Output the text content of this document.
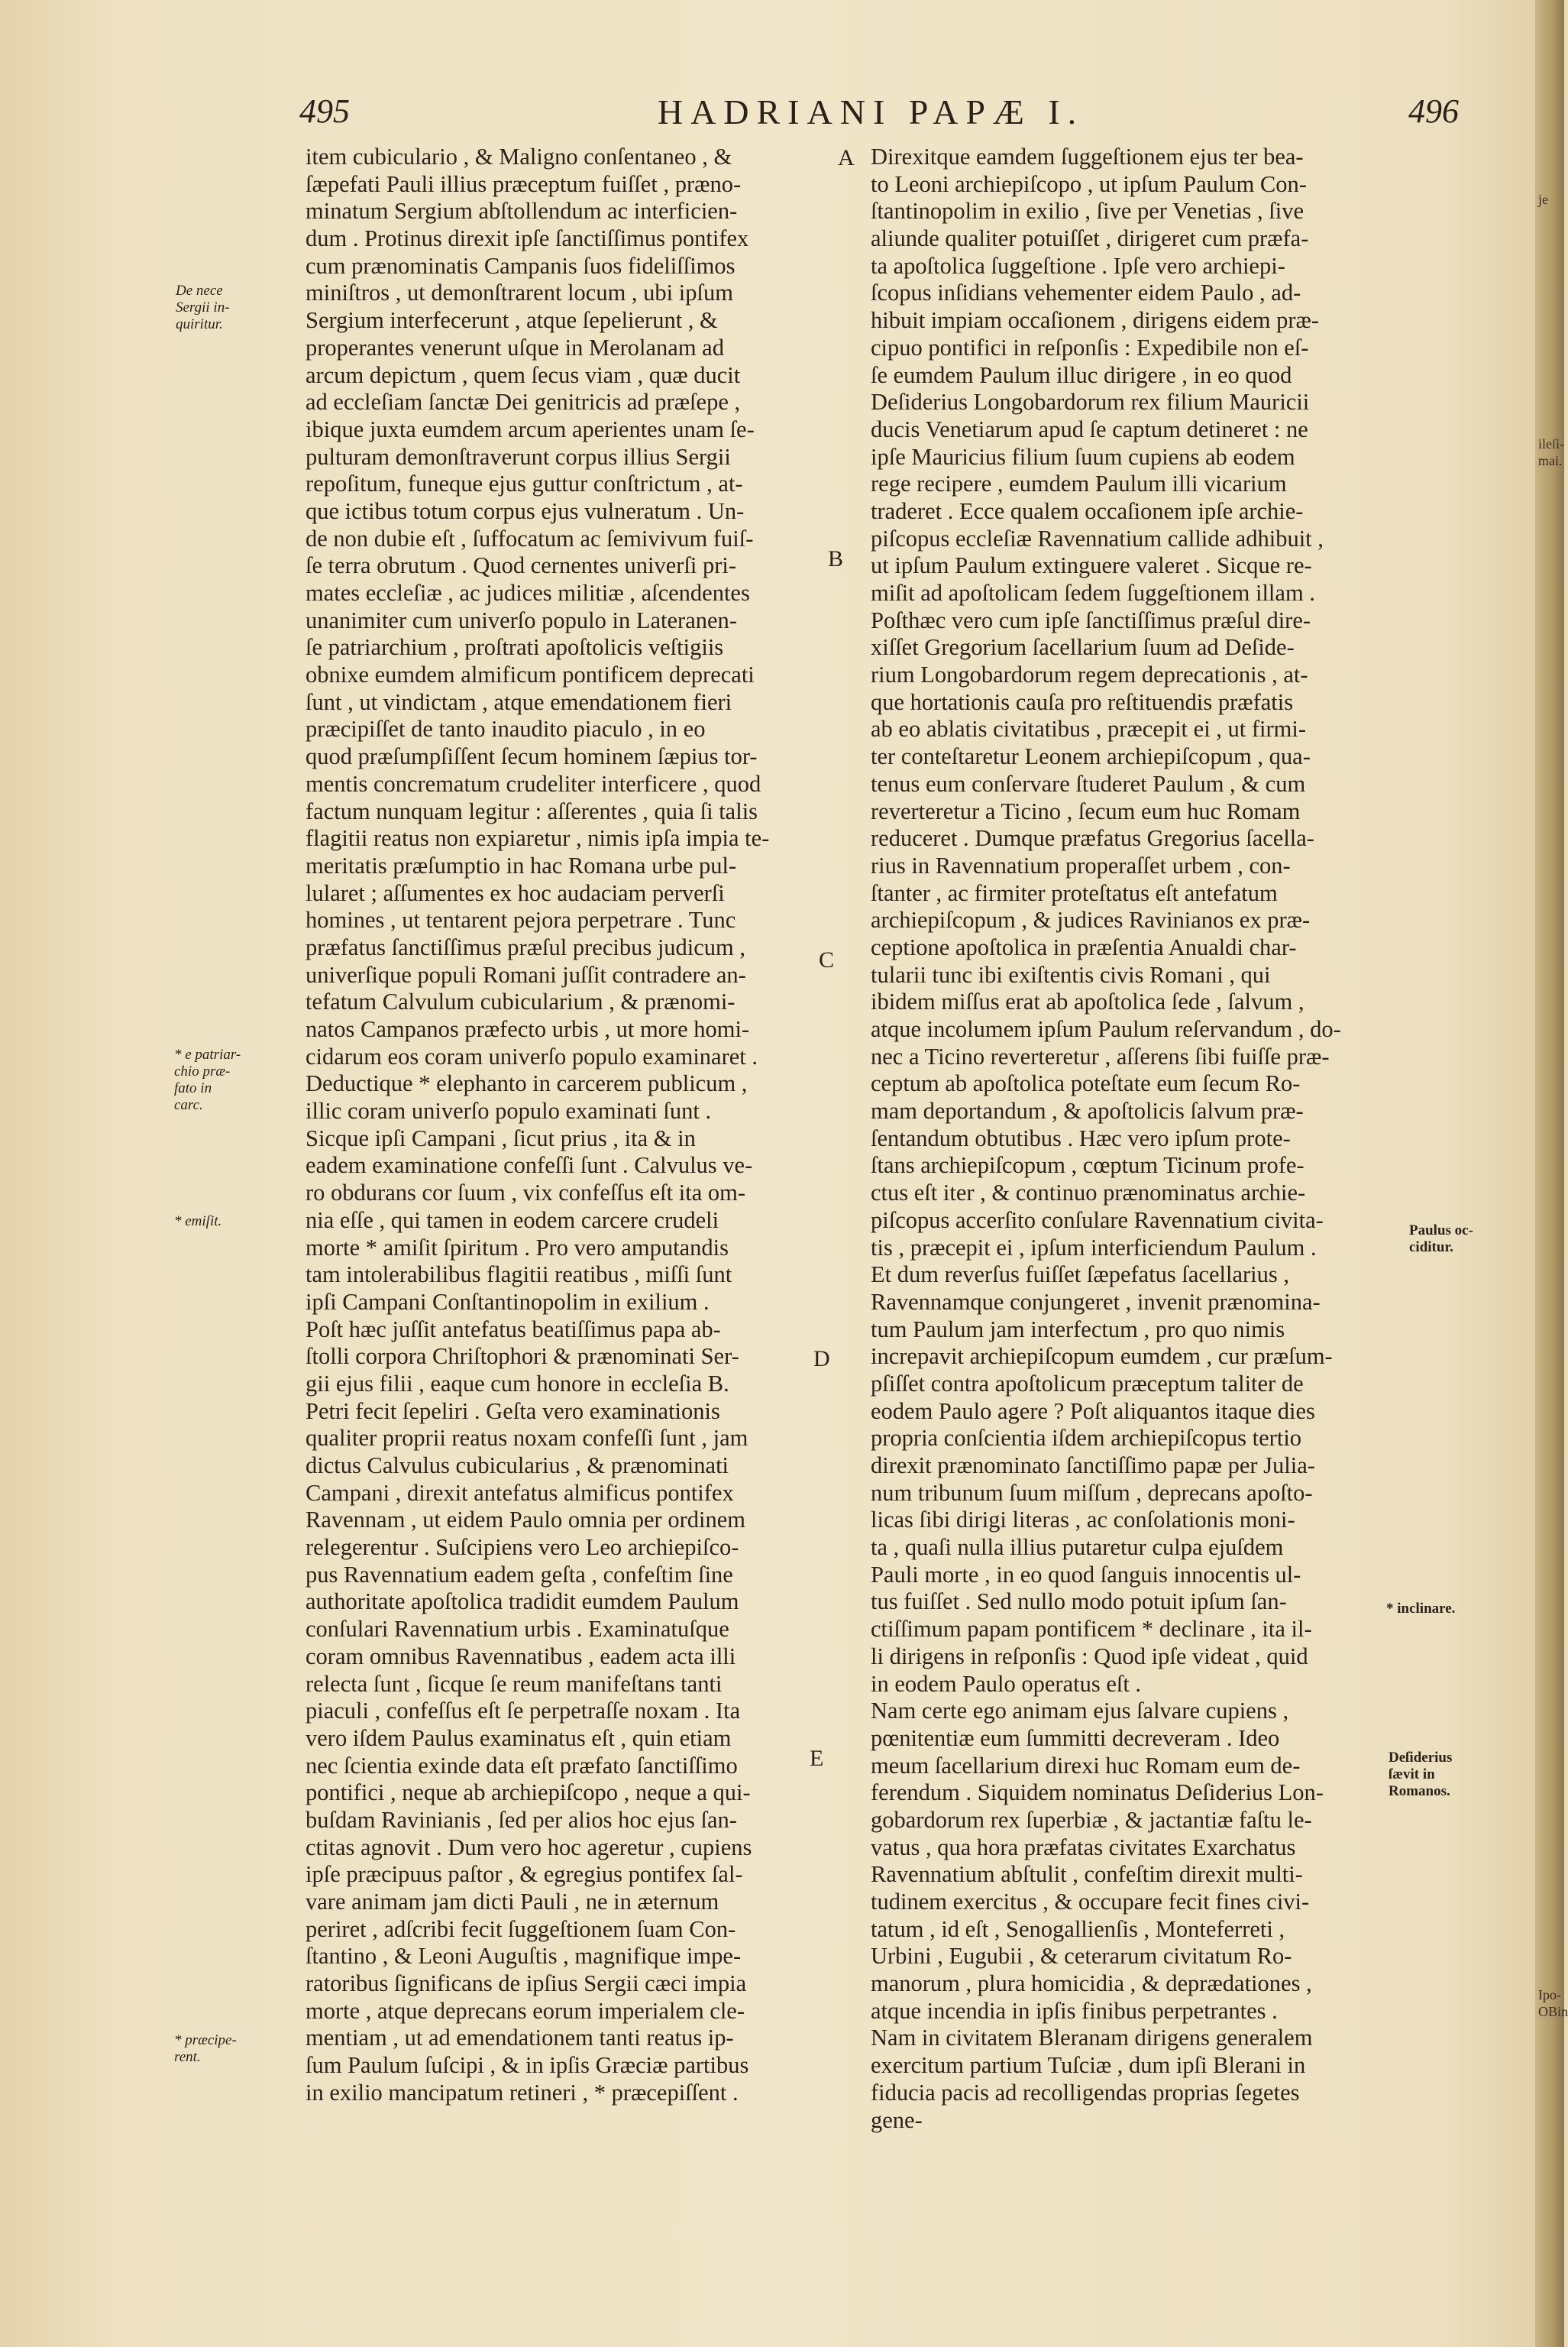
je
ileſi-
mai.
Ipo-
OBin
495	HADRIANI PAPÆ I.	496
item cubiculario , & Maligno conſentaneo , &
ſæpefati Pauli illius præceptum fuiſſet , præno-
minatum Sergium abſtollendum ac interficien-
dum . Protinus direxit ipſe ſanctiſſimus pontifex
cum prænominatis Campanis ſuos fideliſſimos
miniſtros , ut demonſtrarent locum , ubi ipſum
Sergium interfecerunt , atque ſepelierunt , &
properantes venerunt uſque in Merolanam ad
arcum depictum , quem ſecus viam , quæ ducit
ad eccleſiam ſanctæ Dei genitricis ad præſepe ,
ibique juxta eumdem arcum aperientes unam ſe-
pulturam demonſtraverunt corpus illius Sergii
repoſitum, funeque ejus guttur conſtrictum , at-
que ictibus totum corpus ejus vulneratum . Un-
de non dubie eſt , ſuffocatum ac ſemivivum fuiſ-
ſe terra obrutum . Quod cernentes univerſi pri-
mates eccleſiæ , ac judices militiæ , aſcendentes
unanimiter cum univerſo populo in Lateranen-
ſe patriarchium , proſtrati apoſtolicis veſtigiis
obnixe eumdem almificum pontificem deprecati
ſunt , ut vindictam , atque emendationem fieri
præcipiſſet de tanto inaudito piaculo , in eo
quod præſumpſiſſent ſecum hominem ſæpius tor-
mentis concrematum crudeliter interficere , quod
factum nunquam legitur : aſſerentes , quia ſi talis
flagitii reatus non expiaretur , nimis ipſa impia te-
meritatis præſumptio in hac Romana urbe pul-
lularet ; aſſumentes ex hoc audaciam perverſi
homines , ut tentarent pejora perpetrare . Tunc
præfatus ſanctiſſimus præſul precibus judicum ,
univerſique populi Romani juſſit contradere an-
tefatum Calvulum cubicularium , & prænomi-
natos Campanos præfecto urbis , ut more homi-
cidarum eos coram univerſo populo examinaret .
Deductique * elephanto in carcerem publicum ,
illic coram univerſo populo examinati ſunt .
Sicque ipſi Campani , ſicut prius , ita & in
eadem examinatione confeſſi ſunt . Calvulus ve-
ro obdurans cor ſuum , vix confeſſus eſt ita om-
nia eſſe , qui tamen in eodem carcere crudeli
morte * amiſit ſpiritum . Pro vero amputandis
tam intolerabilibus flagitii reatibus , miſſi ſunt
ipſi Campani Conſtantinopolim in exilium .
Poſt hæc juſſit antefatus beatiſſimus papa ab-
ſtolli corpora Chriſtophori & prænominati Ser-
gii ejus filii , eaque cum honore in eccleſia B.
Petri fecit ſepeliri . Geſta vero examinationis
qualiter proprii reatus noxam confeſſi ſunt , jam
dictus Calvulus cubicularius , & prænominati
Campani , direxit antefatus almificus pontifex
Ravennam , ut eidem Paulo omnia per ordinem
relegerentur . Suſcipiens vero Leo archiepiſco-
pus Ravennatium eadem geſta , confeſtim ſine
authoritate apoſtolica tradidit eumdem Paulum
conſulari Ravennatium urbis . Examinatuſque
coram omnibus Ravennatibus , eadem acta illi
relecta ſunt , ſicque ſe reum manifeſtans tanti
piaculi , confeſſus eſt ſe perpetraſſe noxam . Ita
vero iſdem Paulus examinatus eſt , quin etiam
nec ſcientia exinde data eſt præfato ſanctiſſimo
pontifici , neque ab archiepiſcopo , neque a qui-
buſdam Ravinianis , ſed per alios hoc ejus ſan-
ctitas agnovit . Dum vero hoc ageretur , cupiens
ipſe præcipuus paſtor , & egregius pontifex ſal-
vare animam jam dicti Pauli , ne in æternum
periret , adſcribi fecit ſuggeſtionem ſuam Con-
ſtantino , & Leoni Auguſtis , magnifique impe-
ratoribus ſignificans de ipſius Sergii cæci impia
morte , atque deprecans eorum imperialem cle-
mentiam , ut ad emendationem tanti reatus ip-
ſum Paulum ſuſcipi , & in ipſis Græciæ partibus
in exilio mancipatum retineri , * præcepiſſent .
Direxitque eamdem ſuggeſtionem ejus ter bea-
to Leoni archiepiſcopo , ut ipſum Paulum Con-
ſtantinopolim in exilio , ſive per Venetias , ſive
aliunde qualiter potuiſſet , dirigeret cum præfa-
ta apoſtolica ſuggeſtione . Ipſe vero archiepi-
ſcopus inſidians vehementer eidem Paulo , ad-
hibuit impiam occaſionem , dirigens eidem præ-
cipuo pontifici in reſponſis : Expedibile non eſ-
ſe eumdem Paulum illuc dirigere , in eo quod
Deſiderius Longobardorum rex filium Mauricii
ducis Venetiarum apud ſe captum detineret : ne
ipſe Mauricius filium ſuum cupiens ab eodem
rege recipere , eumdem Paulum illi vicarium
traderet . Ecce qualem occaſionem ipſe archie-
piſcopus eccleſiæ Ravennatium callide adhibuit ,
ut ipſum Paulum extinguere valeret . Sicque re-
miſit ad apoſtolicam ſedem ſuggeſtionem illam .
Poſthæc vero cum ipſe ſanctiſſimus præſul dire-
xiſſet Gregorium ſacellarium ſuum ad Deſide-
rium Longobardorum regem deprecationis , at-
que hortationis cauſa pro reſtituendis præfatis
ab eo ablatis civitatibus , præcepit ei , ut firmi-
ter conteſtaretur Leonem archiepiſcopum , qua-
tenus eum conſervare ſtuderet Paulum , & cum
reverteretur a Ticino , ſecum eum huc Romam
reduceret . Dumque præfatus Gregorius ſacella-
rius in Ravennatium properaſſet urbem , con-
ſtanter , ac firmiter proteſtatus eſt antefatum
archiepiſcopum , & judices Ravinianos ex præ-
ceptione apoſtolica in præſentia Anualdi char-
tularii tunc ibi exiſtentis civis Romani , qui
ibidem miſſus erat ab apoſtolica ſede , ſalvum ,
atque incolumem ipſum Paulum reſervandum , do-
nec a Ticino reverteretur , aſſerens ſibi fuiſſe præ-
ceptum ab apoſtolica poteſtate eum ſecum Ro-
mam deportandum , & apoſtolicis ſalvum præ-
ſentandum obtutibus . Hæc vero ipſum prote-
ſtans archiepiſcopum , cœptum Ticinum profe-
ctus eſt iter , & continuo prænominatus archie-
piſcopus accerſito conſulare Ravennatium civita-
tis , præcepit ei , ipſum interficiendum Paulum .
Et dum reverſus fuiſſet ſæpefatus ſacellarius ,
Ravennamque conjungeret , invenit prænomina-
tum Paulum jam interfectum , pro quo nimis
increpavit archiepiſcopum eumdem , cur præſum-
pſiſſet contra apoſtolicum præceptum taliter de
eodem Paulo agere ? Poſt aliquantos itaque dies
propria conſcientia iſdem archiepiſcopus tertio
direxit prænominato ſanctiſſimo papæ per Julia-
num tribunum ſuum miſſum , deprecans apoſto-
licas ſibi dirigi literas , ac conſolationis moni-
ta , quaſi nulla illius putaretur culpa ejuſdem
Pauli morte , in eo quod ſanguis innocentis ul-
tus fuiſſet . Sed nullo modo potuit ipſum ſan-
ctiſſimum papam pontificem * declinare , ita il-
li dirigens in reſponſis : Quod ipſe videat , quid
in eodem Paulo operatus eſt .
Nam certe ego animam ejus ſalvare cupiens ,
pœnitentiæ eum ſummitti decreveram . Ideo
meum ſacellarium direxi huc Romam eum de-
ferendum . Siquidem nominatus Deſiderius Lon-
gobardorum rex ſuperbiæ , & jactantiæ faſtu le-
vatus , qua hora præfatas civitates Exarchatus
Ravennatium abſtulit , confeſtim direxit multi-
tudinem exercitus , & occupare fecit fines civi-
tatum , id eſt , Senogallienſis , Monteferreti ,
Urbini , Eugubii , & ceterarum civitatum Ro-
manorum , plura homicidia , & deprædationes ,
atque incendia in ipſis finibus perpetrantes .
Nam in civitatem Bleranam dirigens generalem
exercitum partium Tuſciæ , dum ipſi Blerani in
fiducia pacis ad recolligendas proprias ſegetes
gene-
A
B
C
D
E
De nece
Sergii in-
quiritur.
* e patriar-
chio præ-
fato in
carc.
* emiſit.
* præcipe-
rent.
Paulus oc-
ciditur.
* inclinare.
Deſiderius
ſævit in
Romanos.
